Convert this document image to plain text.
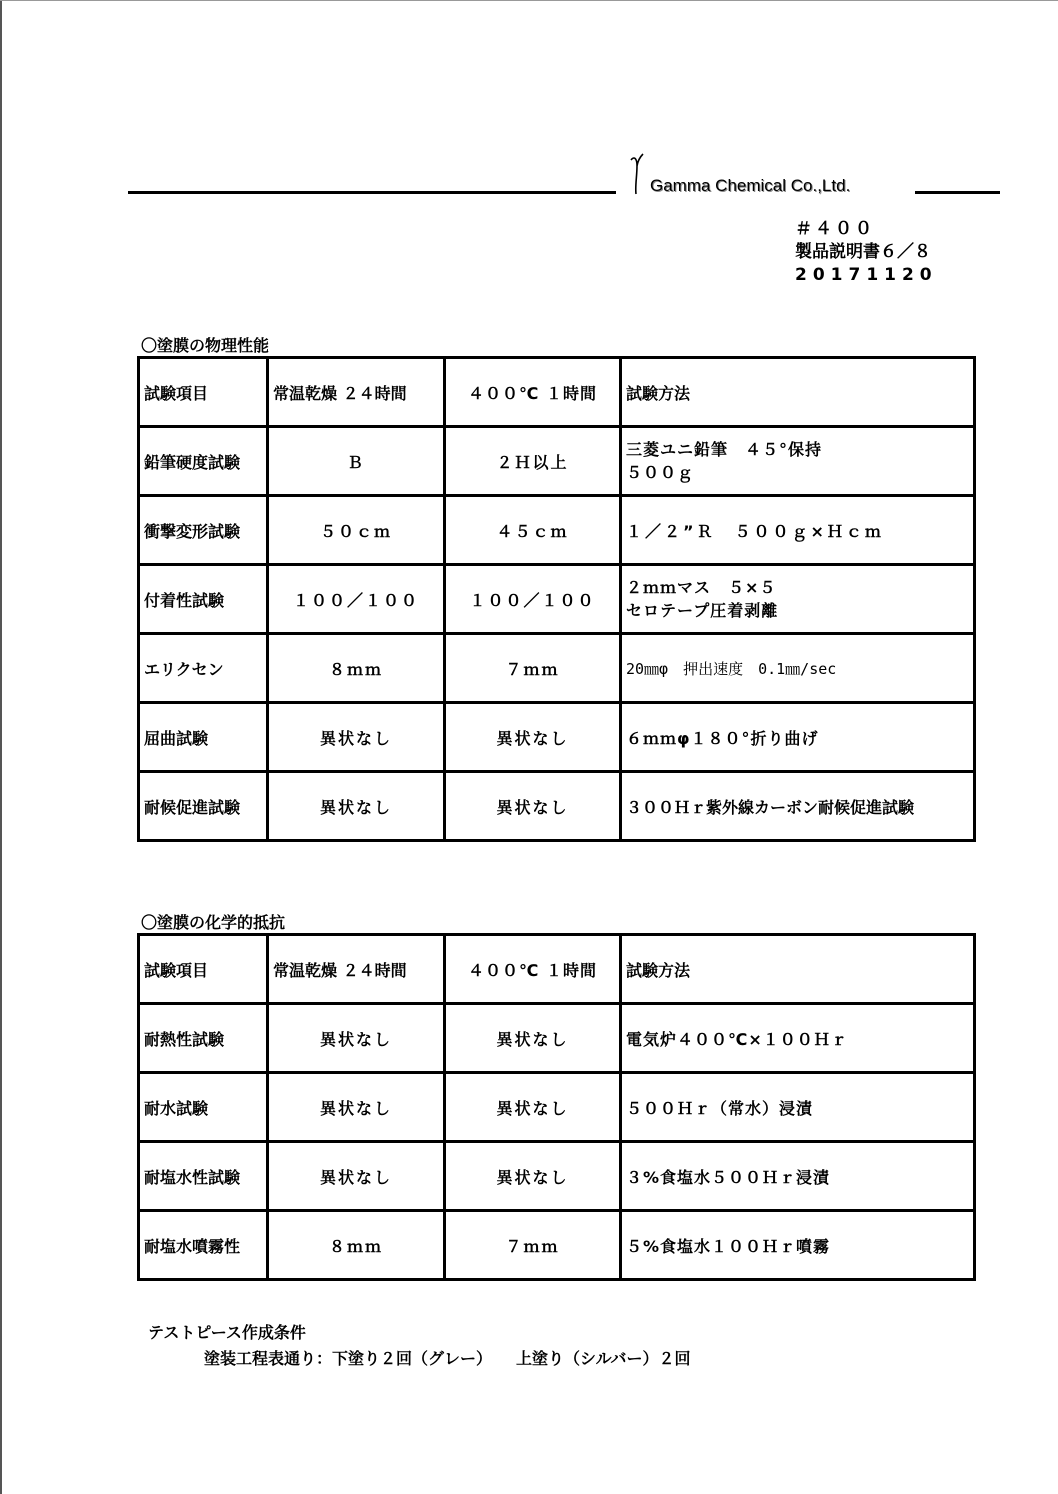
Gamma Chemical Co.,Ltd.
＃４００
製品説明書６／８
20171120
〇塗膜の物理性能
試験項目	常温乾燥 ２４時間	４００℃ １時間	試験方法
鉛筆硬度試験	Ｂ	２Ｈ以上	三菱ユニ鉛筆　４５°保持
５００ｇ

衝撃変形試験	５０ｃｍ	４５ｃｍ	１／２”Ｒ　５００ｇ×Ｈｃｍ
付着性試験	１００／１００	１００／１００	２ｍｍマス　５×５
セロテープ圧着剥離

エリクセン	８ｍｍ	７ｍｍ	20㎜φ　押出速度　0.1㎜/sec
屈曲試験	異状なし	異状なし	６ｍｍφ１８０°折り曲げ
耐候促進試験	異状なし	異状なし	３００Ｈｒ紫外線カーボン耐候促進試験
〇塗膜の化学的抵抗
試験項目	常温乾燥 ２４時間	４００℃ １時間	試験方法
耐熱性試験	異状なし	異状なし	電気炉４００℃×１００Ｈｒ
耐水試験	異状なし	異状なし	５００Ｈｒ（常水）浸漬
耐塩水性試験	異状なし	異状なし	３%食塩水５００Ｈｒ浸漬
耐塩水噴霧性	８ｍｍ	７ｍｍ	５%食塩水１００Ｈｒ噴霧
テストピース作成条件
塗装工程表通り：下塗り２回（グレー）　　上塗り（シルバー）２回
